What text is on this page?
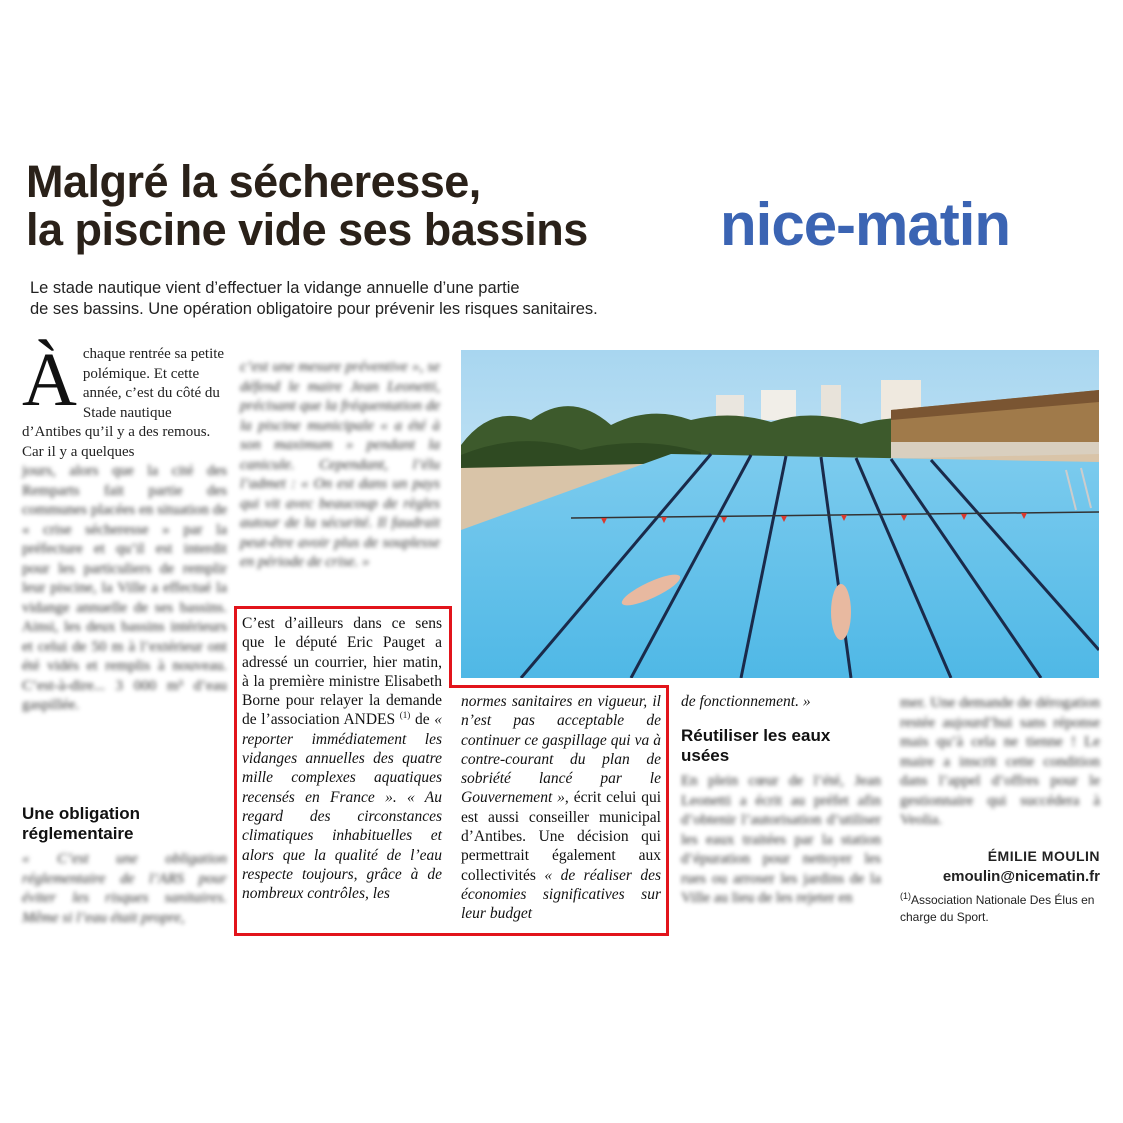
Malgré la sécheresse,
la piscine vide ses bassins	nice-matin
Le stade nautique vient d’effectuer la vidange annuelle d’une partie
de ses bassins. Une opération obligatoire pour prévenir les risques sanitaires.
À chaque rentrée sa petite polémique. Et cette année, c’est du côté du Stade nautique d’Antibes qu’il y a des remous. Car il y a quelques
jours, alors que la cité des Remparts fait partie des communes placées en situation de « crise sécheresse » par la préfecture et qu’il est interdit pour les particuliers de remplir leur piscine, la Ville a effectué la vidange annuelle de ses bassins. Ainsi, les deux bassins intérieurs et celui de 50 m à l’extérieur ont été vidés et remplis à nouveau. C’est-à-dire... 3 000 m³ d’eau gaspillée.
Une obligation
réglementaire
« C’est une obligation réglementaire de l’ARS pour éviter les risques sanitaires. Même si l’eau était propre,
c’est une mesure préventive », se défend le maire Jean Leonetti, précisant que la fréquentation de la piscine municipale « a été à son maximum » pendant la canicule. Cependant, l’élu l’admet : « On est dans un pays qui vit avec beaucoup de règles autour de la sécurité. Il faudrait peut-être avoir plus de souplesse en période de crise. »
C’est d’ailleurs dans ce sens que le député Eric Pauget a adressé un courrier, hier matin, à la première ministre Elisabeth Borne pour relayer la demande de l’association ANDES $^{(1)}$ de « reporter immédiatement les vidanges annuelles des quatre mille complexes aquatiques recensés en France ». « Au regard des circonstances climatiques inhabituelles et alors que la qualité de l’eau respecte toujours, grâce à de nombreux contrôles, les
normes sanitaires en vigueur, il n’est pas acceptable de continuer ce gaspillage qui va à contre-courant du plan de sobriété lancé par le Gouvernement », écrit celui qui est aussi conseiller municipal d’Antibes. Une décision qui permettrait également aux collectivités « de réaliser des économies significatives sur leur budget
de fonctionnement. »
Réutiliser les eaux
usées
En plein cœur de l’été, Jean Leonetti a écrit au préfet afin d’obtenir l’autorisation d’utiliser les eaux traitées par la station d’épuration pour nettoyer les rues ou arroser les jardins de la Ville au lieu de les rejeter en
mer. Une demande de dérogation restée aujourd’hui sans réponse mais qu’à cela ne tienne ! Le maire a inscrit cette condition dans l’appel d’offres pour le gestionnaire qui succédera à Veolia.
ÉMILIE MOULIN
emoulin@nicematin.fr
$^{(1)}$Association Nationale Des Élus en charge du Sport.
